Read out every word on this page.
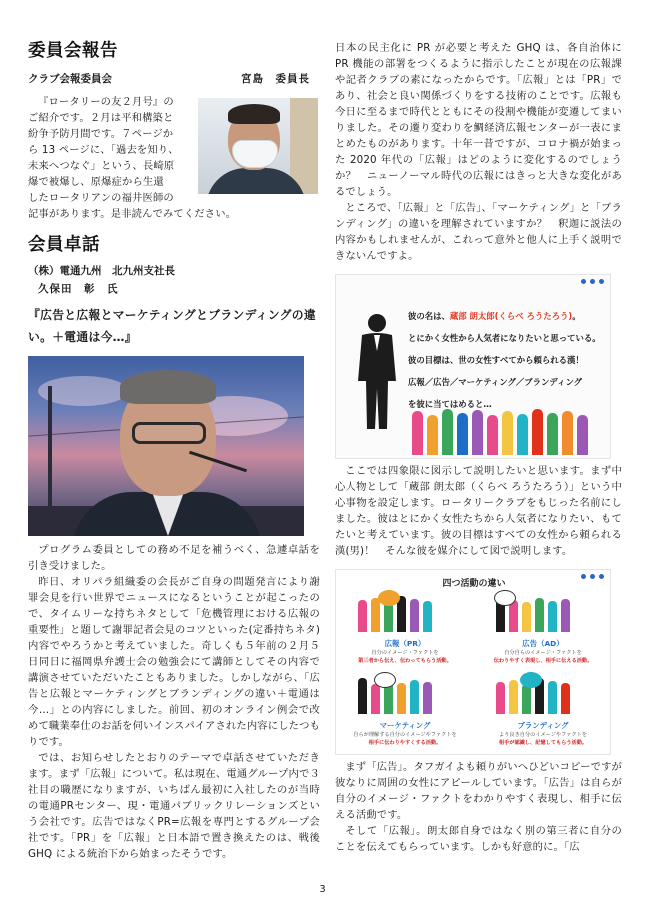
委員会報告
クラブ会報委員会	宮島　委員長
『ロータリーの友２月号』の
ご紹介です。２月は平和構築と
紛争予防月間です。７ページか
ら 13 ページに、「過去を知り、
未来へつなぐ」という、長崎原
爆で被爆し、原爆症から生還
したロータリアンの福井医師の
記事があります。是非読んでみてください。
会員卓話
（株）電通九州　北九州支社長
久保田　彰　氏
『広告と広報とマーケティングとブランディングの違い。＋電通は今…』

プログラム委員としての務め不足を補うべく、急遽卓話を引き受けました。

昨日、オリパラ組織委の会長がご自身の問題発言により謝罪会見を行い世界でニュースになるということが起こったので、タイムリーな持ちネタとして「危機管理における広報の重要性」と題して謝罪記者会見のコツといった(定番持ちネタ)内容でやろうかと考えていました。奇しくも５年前の２月５日同日に福岡県弁護士会の勉強会にて講師としてその内容で講演させていただいたこともありました。しかしながら、「広告と広報とマーケティングとブランディングの違い＋電通は今…」との内容にしました。前回、初のオンライン例会で改めて職業奉仕のお話を伺いインスパイアされた内容にしたつもりです。

では、お知らせしたとおりのテーマで卓話させていただきます。まず「広報」について。私は現在、電通グループ内で３社目の職歴になりますが、いちばん最初に入社したのが当時の電通PRセンター、現・電通パブリックリレーションズという会社です。広告ではなくPR=広報を専門とするグループ会社です。「PR」を「広報」と日本語で置き換えたのは、戦後 GHQ による統治下から始まったそうです。

日本の民主化に PR が必要と考えた GHQ は、各自治体に PR 機能の部署をつくるように指示したことが現在の広報課や記者クラブの素になったからです。「広報」とは「PR」であり、社会と良い関係づくりをする技術のことです。広報も今日に至るまで時代とともにその役割や機能が変遷してまいりました。その遷り変わりを鯛経済広報センターが一表にまとめたものがあります。十年一昔ですが、コロナ禍が始まった 2020 年代の「広報」はどのように変化するのでしょうか？　ニューノーマル時代の広報にはきっと大きな変化があるでしょう。

ところで、「広報」と「広告」、「マーケティング」と「ブランディング」の違いを理解されていますか？　釈迦に説法の内容かもしれませんが、これって意外と他人に上手く説明できないんですよ。

彼の名は、蔵部 朗太郎(くらべ ろうたろう)。
とにかく女性から人気者になりたいと思っている。
彼の目標は、世の女性すべてから頼られる漢！
広報／広告／マーケティング／ブランディング
を彼に当てはめると…

ここでは四象限に図示して説明したいと思います。まず中心人物として「蔵部 朗太郎（くらべ ろうたろう）」という中心事物を設定します。ロータリークラブをもじった名前にしました。彼はとにかく女性たちから人気者になりたい、もてたいと考えています。彼の目標はすべての女性から頼られる漢(男)！　そんな彼を媒介にして図で説明します。

四つ活動の違い
広報（PR）
自分のイメージ・ファクトを
第三者から伝え、伝わってもらう活動。
広告（AD）
自分自らのイメージ・ファクトを
伝わりやすく表現し、相手に伝える活動。
マーケティング
自らが理解する自分のイメージやファクトを
相手に伝わりやすくする活動。
ブランディング
より良き自分のイメージやファクトを
相手が認識し、記憶してもらう活動。

まず「広告」。タフガイよも頼りがいへひどいコピーですが彼なりに周囲の女性にアピールしています。「広告」は自らが自分のイメージ・ファクトをわかりやすく表現し、相手に伝える活動です。

そして「広報」。朗太郎自身ではなく別の第三者に自分のことを伝えてもらっています。しかも好意的に。「広

3
